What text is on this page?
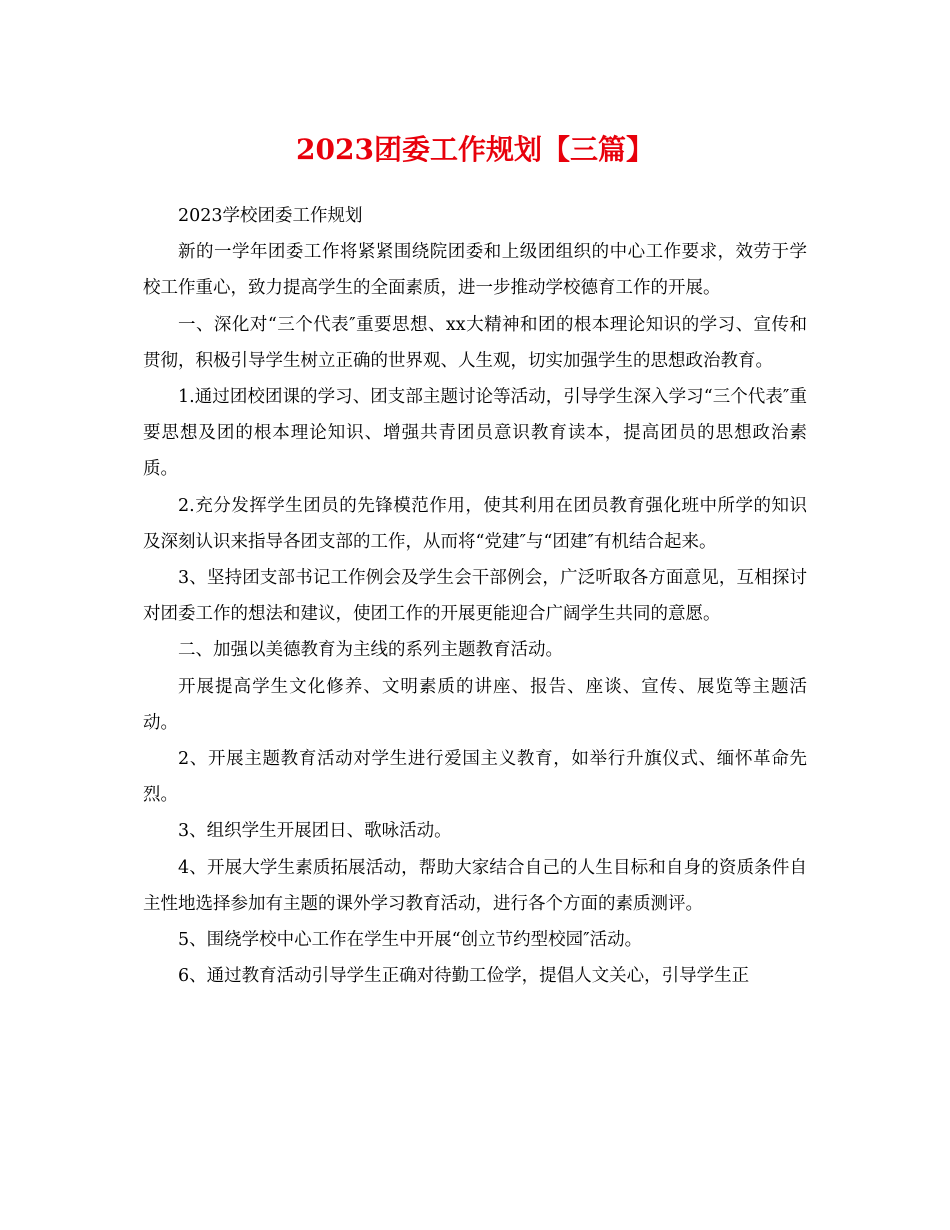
2023团委工作规划【三篇】

2023学校团委工作规划

新的一学年团委工作将紧紧围绕院团委和上级团组织的中心工作要求，效劳于学校工作重心，致力提高学生的全面素质，进一步推动学校德育工作的开展。

一、深化对“三个代表″重要思想、xx大精神和团的根本理论知识的学习、宣传和贯彻，积极引导学生树立正确的世界观、人生观，切实加强学生的思想政治教育。

1.通过团校团课的学习、团支部主题讨论等活动，引导学生深入学习“三个代表″重要思想及团的根本理论知识、增强共青团员意识教育读本，提高团员的思想政治素质。

2.充分发挥学生团员的先锋模范作用，使其利用在团员教育强化班中所学的知识及深刻认识来指导各团支部的工作，从而将“党建″与“团建″有机结合起来。

3、坚持团支部书记工作例会及学生会干部例会，广泛听取各方面意见，互相探讨对团委工作的想法和建议，使团工作的开展更能迎合广阔学生共同的意愿。

二、加强以美德教育为主线的系列主题教育活动。

开展提高学生文化修养、文明素质的讲座、报告、座谈、宣传、展览等主题活动。

2、开展主题教育活动对学生进行爱国主义教育，如举行升旗仪式、缅怀革命先烈。

3、组织学生开展团日、歌咏活动。

4、开展大学生素质拓展活动，帮助大家结合自己的人生目标和自身的资质条件自主性地选择参加有主题的课外学习教育活动，进行各个方面的素质测评。

5、围绕学校中心工作在学生中开展“创立节约型校园″活动。

6、通过教育活动引导学生正确对待勤工俭学，提倡人文关心，引导学生正
